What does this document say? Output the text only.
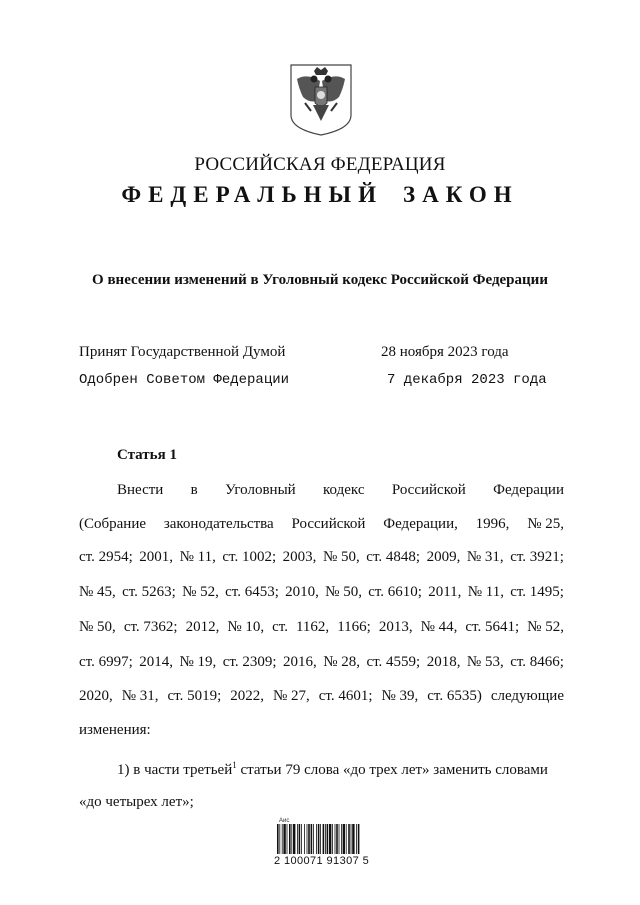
РОССИЙСКАЯ ФЕДЕРАЦИЯ
ФЕДЕРАЛЬНЫЙ ЗАКОН
О внесении изменений в Уголовный кодекс Российской Федерации
Принят Государственной Думой	28 ноября 2023 года
Одобрен Советом Федерации	7 декабря 2023 года
Статья 1
Внести в Уголовный кодекс Российской Федерации
(Собрание законодательства Российской Федерации, 1996, № 25,
ст. 2954; 2001, № 11, ст. 1002; 2003, № 50, ст. 4848; 2009, № 31, ст. 3921;
№ 45, ст. 5263; № 52, ст. 6453; 2010, № 50, ст. 6610; 2011, № 11, ст. 1495;
№ 50, ст. 7362; 2012, № 10, ст. 1162, 1166; 2013, № 44, ст. 5641; № 52,
ст. 6997; 2014, № 19, ст. 2309; 2016, № 28, ст. 4559; 2018, № 53, ст. 8466;
2020, № 31, ст. 5019; 2022, № 27, ст. 4601; № 39, ст. 6535) следующие
изменения:
1) в части третьей$^1$ статьи 79 слова «до трех лет» заменить словами
«до четырех лет»;
Аис
2 100071 91307 5
